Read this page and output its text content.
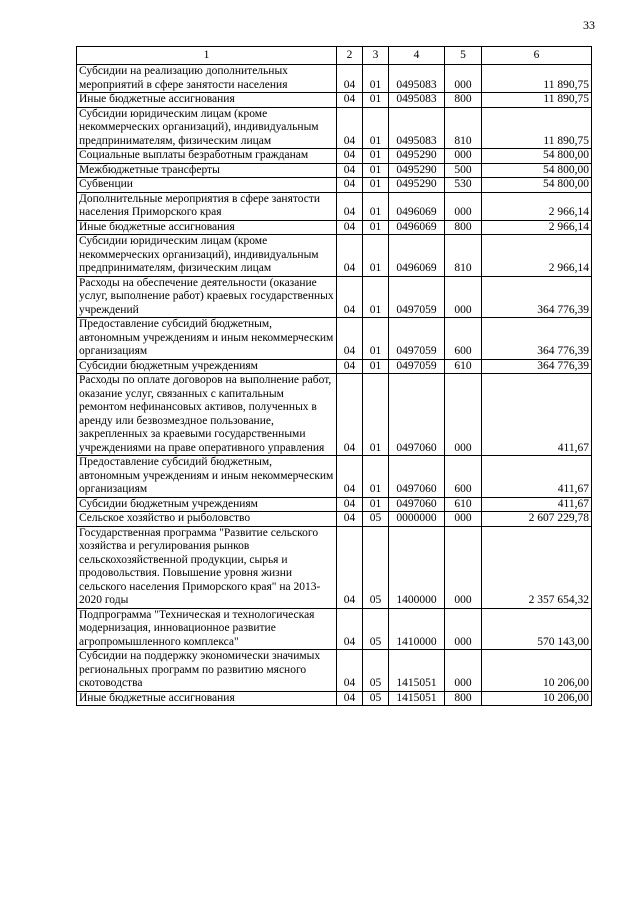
33
1	2	3	4	5	6
Субсидии на реализацию дополнительных мероприятий в сфере занятости населения	04	01	0495083	000	11 890,75
Иные бюджетные ассигнования	04	01	0495083	800	11 890,75
Субсидии юридическим лицам (кроме некоммерческих организаций), индивидуальным предпринимателям, физическим лицам	04	01	0495083	810	11 890,75
Социальные выплаты безработным гражданам	04	01	0495290	000	54 800,00
Межбюджетные трансферты	04	01	0495290	500	54 800,00
Субвенции	04	01	0495290	530	54 800,00
Дополнительные мероприятия в сфере занятости населения Приморского края	04	01	0496069	000	2 966,14
Иные бюджетные ассигнования	04	01	0496069	800	2 966,14
Субсидии юридическим лицам (кроме некоммерческих организаций), индивидуальным предпринимателям, физическим лицам	04	01	0496069	810	2 966,14
Расходы на обеспечение деятельности (оказание услуг, выполнение работ) краевых государственных учреждений	04	01	0497059	000	364 776,39
Предоставление субсидий бюджетным, автономным учреждениям и иным некоммерческим организациям	04	01	0497059	600	364 776,39
Субсидии бюджетным учреждениям	04	01	0497059	610	364 776,39
Расходы по оплате договоров на выполнение работ, оказание услуг, связанных с капитальным ремонтом нефинансовых активов, полученных в аренду или безвозмездное пользование, закрепленных за краевыми государственными учреждениями на праве оперативного управления	04	01	0497060	000	411,67
Предоставление субсидий бюджетным, автономным учреждениям и иным некоммерческим организациям	04	01	0497060	600	411,67
Субсидии бюджетным учреждениям	04	01	0497060	610	411,67
Сельское хозяйство и рыболовство	04	05	0000000	000	2 607 229,78
Государственная программа "Развитие сельского хозяйства и регулирования рынков сельскохозяйственной продукции, сырья и продовольствия. Повышение уровня жизни сельского населения Приморского края" на 2013-2020 годы	04	05	1400000	000	2 357 654,32
Подпрограмма "Техническая и технологическая модернизация, инновационное развитие агропромышленного комплекса"	04	05	1410000	000	570 143,00
Субсидии на поддержку экономически значимых региональных программ по развитию мясного скотоводства	04	05	1415051	000	10 206,00
Иные бюджетные ассигнования	04	05	1415051	800	10 206,00
